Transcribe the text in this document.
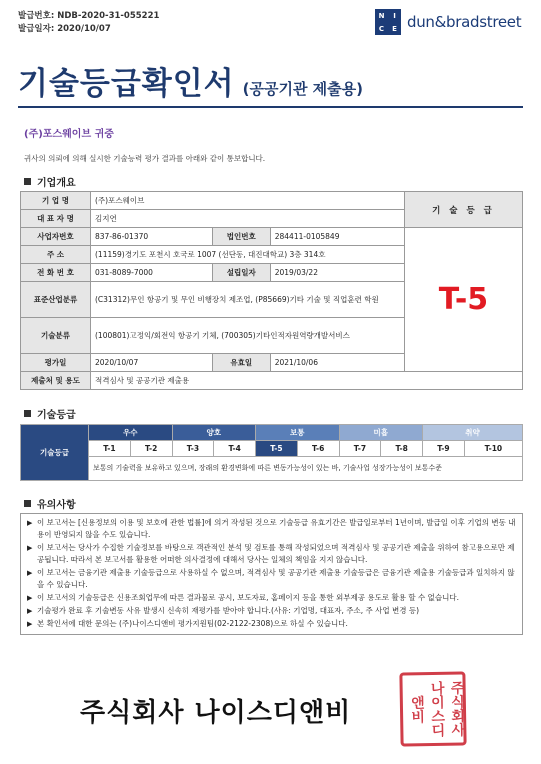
발급번호: NDB-2020-31-055221
발급일자: 2020/10/07
N I
C E dun&bradstreet
기술등급확인서 (공공기관 제출용)
(주)포스웨이브 귀중
귀사의 의뢰에 의해 실시한 기술능력 평가 결과를 아래와 같이 통보합니다.
기업개요
기 업 명	(주)포스웨이브			기 술 등 급
대 표 자 명	김지연			
사업자번호	837-86-01370	법인번호	284411-0105849	T-5
주 소	(11159)경기도 포천시 호국로 1007 (선단동, 대진대학교) 3층 314호			
전 화 번 호	031-8089-7000	설립일자	2019/03/22	
표준산업분류	(C31312)무인 항공기 및 무인 비행장치 제조업, (P85669)기타 기술 및 직업훈련 학원			
기술분류	(100801)고정익/회전익 항공기 기체, (700305)기타인적자원역량개발서비스			
평가일	2020/10/07	유효일	2021/10/06	
제출처 및 용도	적격심사 및 공공기관 제출용			
기술등급
기술등급	우수		양호		보통		미흡		취약	
	T-1	T-2	T-3	T-4	T-5	T-6	T-7	T-8	T-9	T-10
	보통의 기술력을 보유하고 있으며, 장래의 환경변화에 따른 변동가능성이 있는 바, 기술사업 성장가능성이 보통수준									
유의사항
▶ 이 보고서는 [신용정보의 이용 및 보호에 관한 법률]에 의거 작성된 것으로 기술등급 유효기간은 발급일로부터 1년이며, 발급일 이후 기업의 변동 내용이 반영되지 않을 수도 있습니다.
▶ 이 보고서는 당사가 수집한 기술정보를 바탕으로 객관적인 분석 및 검토를 통해 작성되었으며 적격심사 및 공공기관 제출을 위하여 참고용으로만 제공됩니다. 따라서 본 보고서를 활용한 어떠한 의사결정에 대해서 당사는 일체의 책임을 지지 않습니다.
▶ 이 보고서는 금융기관 제출용 기술등급으로 사용하실 수 없으며, 적격심사 및 공공기관 제출용 기술등급은 금융기관 제출용 기술등급과 일치하지 않을 수 있습니다.
▶ 이 보고서의 기술등급은 신용조회업무에 따른 결과물로 공시, 보도자료, 홈페이지 등을 통한 외부제공 용도로 활용 할 수 없습니다.
▶ 기술평가 완료 후 기술변동 사유 발생시 신속히 재평가를 받아야 합니다.(사유: 기업명, 대표자, 주소, 주 사업 변경 등)
▶ 본 확인서에 대한 문의는 (주)나이스디앤비 평가지원팀(02-2122-2308)으로 하실 수 있습니다.
주식회사 나이스디앤비	나이스디앤비	주식회사
